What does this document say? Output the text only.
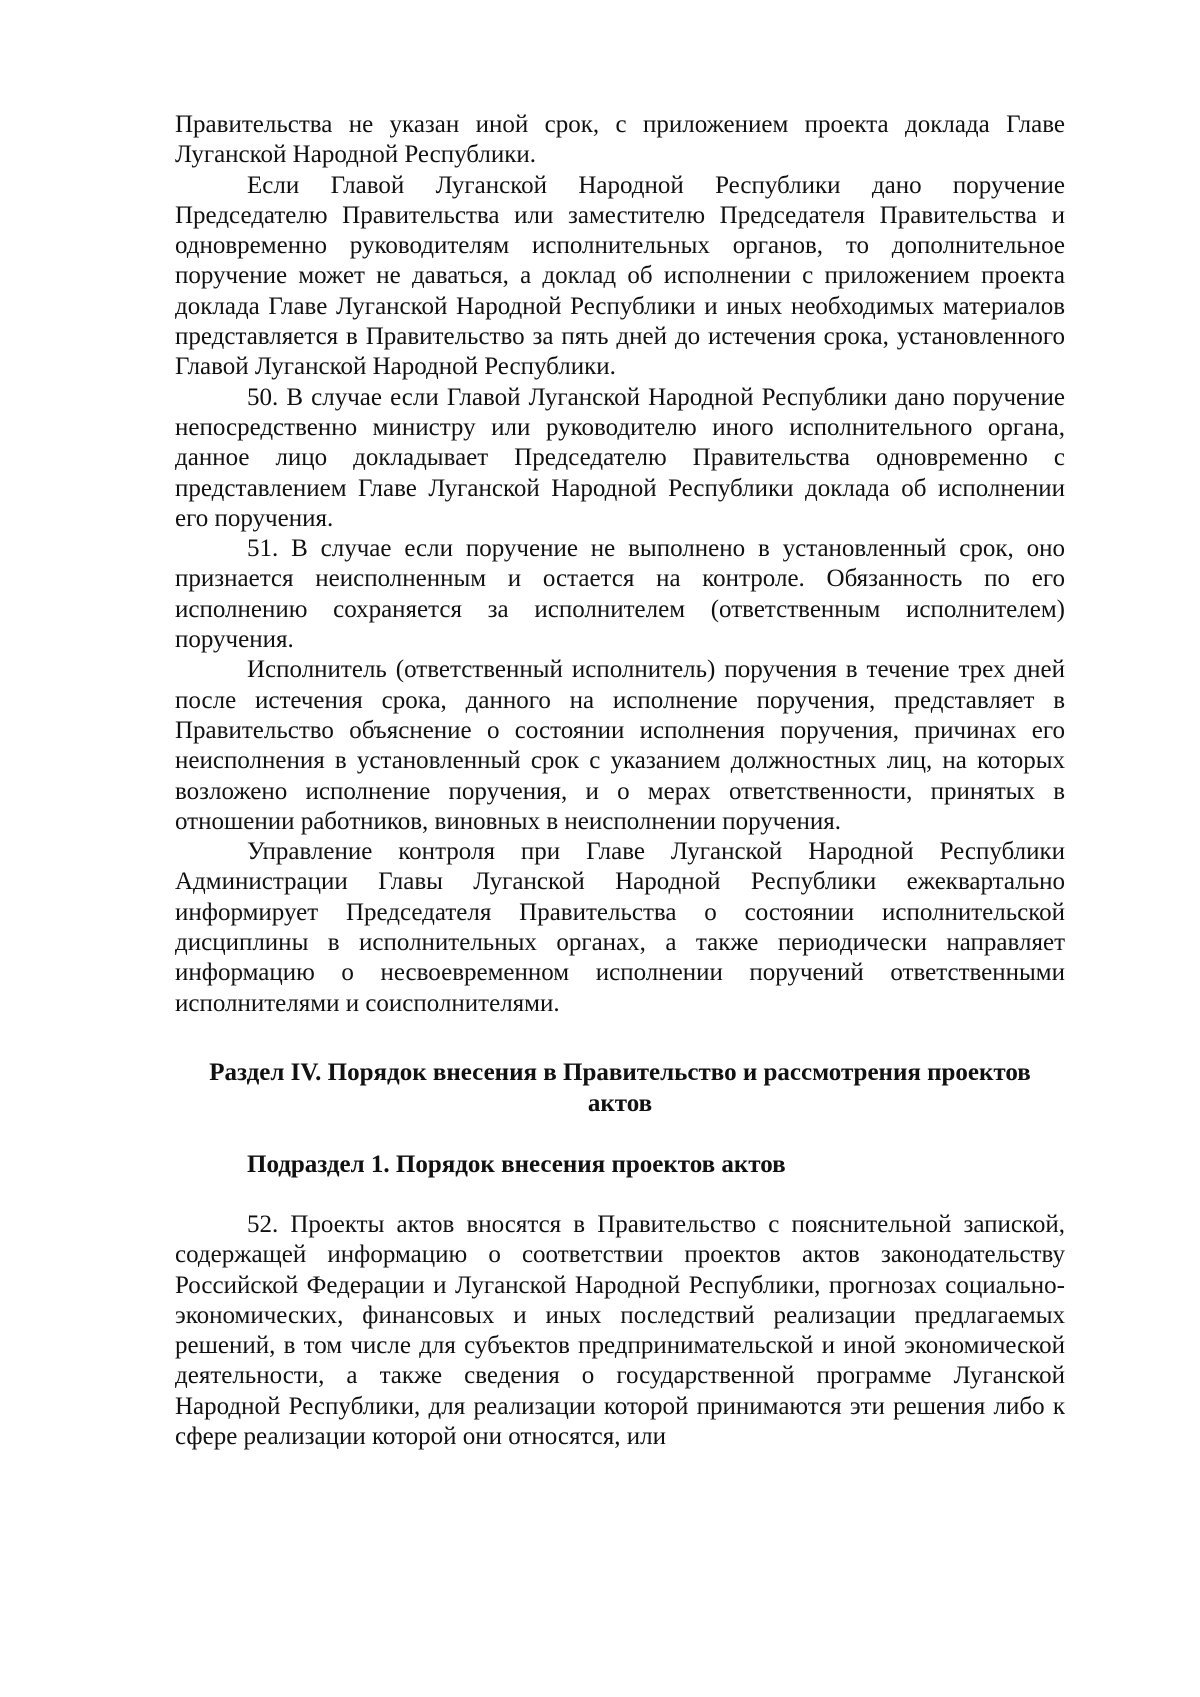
Правительства не указан иной срок, с приложением проекта доклада Главе Луганской Народной Республики.

Если Главой Луганской Народной Республики дано поручение Председателю Правительства или заместителю Председателя Правительства и одновременно руководителям исполнительных органов, то дополнительное поручение может не даваться, а доклад об исполнении с приложением проекта доклада Главе Луганской Народной Республики и иных необходимых материалов представляется в Правительство за пять дней до истечения срока, установленного Главой Луганской Народной Республики.

50. В случае если Главой Луганской Народной Республики дано поручение непосредственно министру или руководителю иного исполнительного органа, данное лицо докладывает Председателю Правительства одновременно с представлением Главе Луганской Народной Республики доклада об исполнении его поручения.

51. В случае если поручение не выполнено в установленный срок, оно признается неисполненным и остается на контроле. Обязанность по его исполнению сохраняется за исполнителем (ответственным исполнителем) поручения.

Исполнитель (ответственный исполнитель) поручения в течение трех дней после истечения срока, данного на исполнение поручения, представляет в Правительство объяснение о состоянии исполнения поручения, причинах его неисполнения в установленный срок с указанием должностных лиц, на которых возложено исполнение поручения, и о мерах ответственности, принятых в отношении работников, виновных в неисполнении поручения.

Управление контроля при Главе Луганской Народной Республики Администрации Главы Луганской Народной Республики ежеквартально информирует Председателя Правительства о состоянии исполнительской дисциплины в исполнительных органах, а также периодически направляет информацию о несвоевременном исполнении поручений ответственными исполнителями и соисполнителями.

Раздел IV. Порядок внесения в Правительство и рассмотрения проектов актов
Подраздел 1. Порядок внесения проектов актов

52. Проекты актов вносятся в Правительство с пояснительной запиской, содержащей информацию о соответствии проектов актов законодательству Российской Федерации и Луганской Народной Республики, прогнозах социально-экономических, финансовых и иных последствий реализации предлагаемых решений, в том числе для субъектов предпринимательской и иной экономической деятельности, а также сведения о государственной программе Луганской Народной Республики, для реализации которой принимаются эти решения либо к сфере реализации которой они относятся, или
